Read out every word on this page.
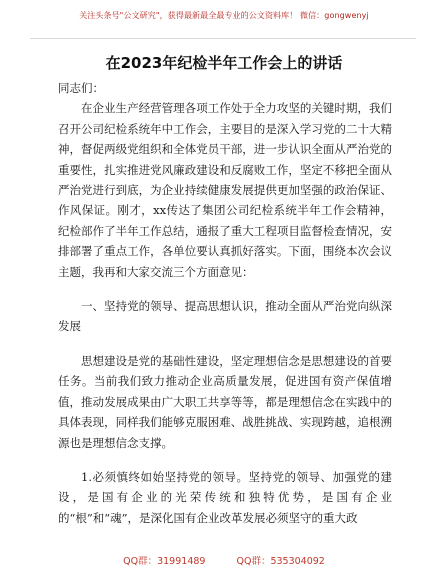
关注头条号"公文研究"，获得最新最全最专业的公文资料库！ 微信：gongwenyj
在2023年纪检半年工作会上的讲话

同志们：

在企业生产经营管理各项工作处于全力攻坚的关键时期，我们召开公司纪检系统年中工作会，主要目的是深入学习党的二十大精神，督促两级党组织和全体党员干部，进一步认识全面从严治党的重要性，扎实推进党风廉政建设和反腐败工作，坚定不移把全面从严治党进行到底，为企业持续健康发展提供更加坚强的政治保证、作风保证。刚才，xx传达了集团公司纪检系统半年工作会精神，纪检部作了半年工作总结，通报了重大工程项目监督检查情况，安排部署了重点工作，各单位要认真抓好落实。下面，围绕本次会议主题，我再和大家交流三个方面意见：

一、坚持党的领导、提高思想认识，推动全面从严治党向纵深发展

思想建设是党的基础性建设，坚定理想信念是思想建设的首要任务。当前我们致力推动企业高质量发展，促进国有资产保值增值，推动发展成果由广大职工共享等等，都是理想信念在实践中的具体表现，同样我们能够克服困难、战胜挑战、实现跨越，追根溯源也是理想信念支撑。

1.必须慎终如始坚持党的领导。坚持党的领导、加强党的建设，是国有企业的光荣传统和独特优势，是国有企业的“根”和“魂”，是深化国有企业改革发展必须坚守的重大政

QQ群：31991489	QQ群：535304092
